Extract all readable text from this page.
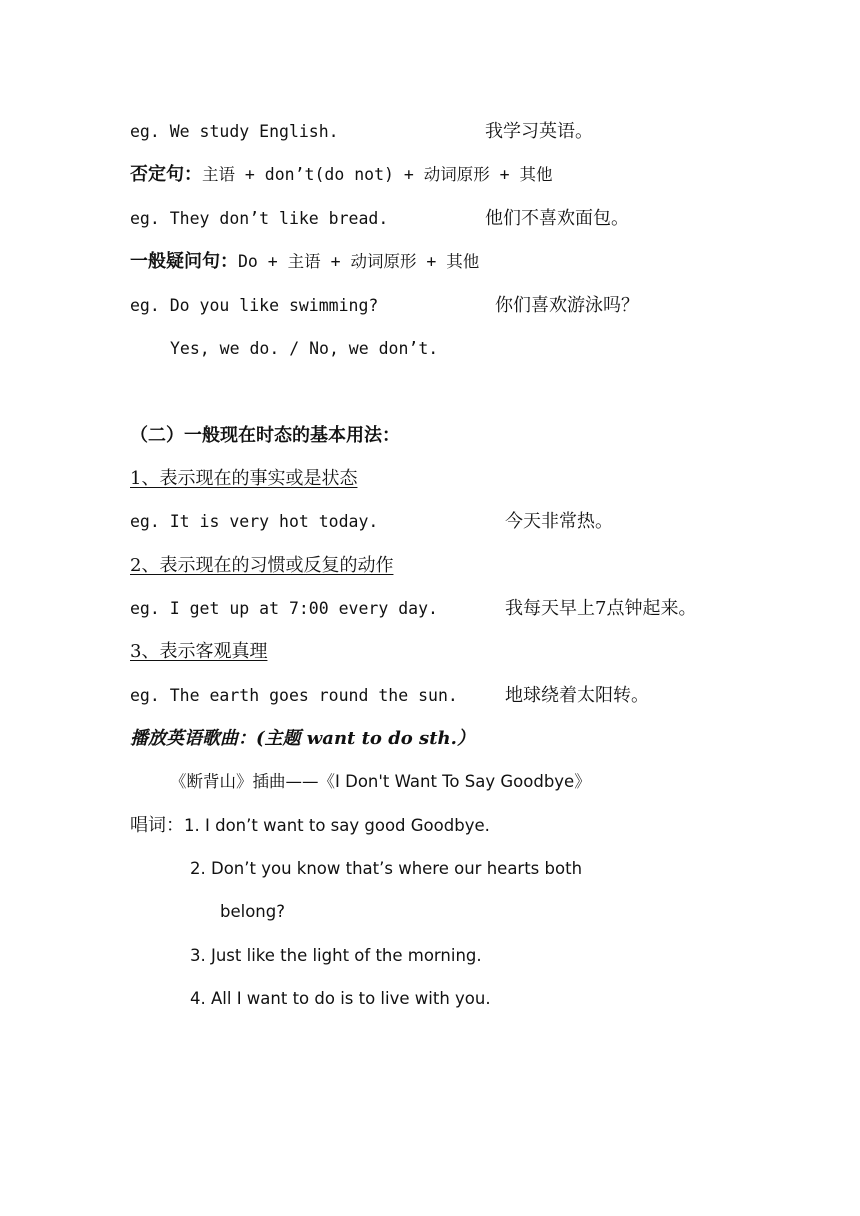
eg. We study English.	我学习英语。
否定句：主语 + don’t(do not) + 动词原形 + 其他
eg. They don’t like bread.	他们不喜欢面包。
一般疑问句：Do + 主语 + 动词原形 + 其他
eg. Do you like swimming?	你们喜欢游泳吗？
Yes, we do. / No, we don’t.
（二）一般现在时态的基本用法：
1、表示现在的事实或是状态
eg. It is very hot today.	今天非常热。
2、表示现在的习惯或反复的动作
eg. I get up at 7:00 every day.	我每天早上7点钟起来。
3、表示客观真理
eg. The earth goes round the sun.	地球绕着太阳转。
播放英语歌曲：(主题 want to do sth.）
《断背山》插曲——《I Don't Want To Say Goodbye》
唱词：1. I don’t want to say good Goodbye.
2. Don’t you know that’s where our hearts both
belong?
3. Just like the light of the morning.
4. All I want to do is to live with you.
